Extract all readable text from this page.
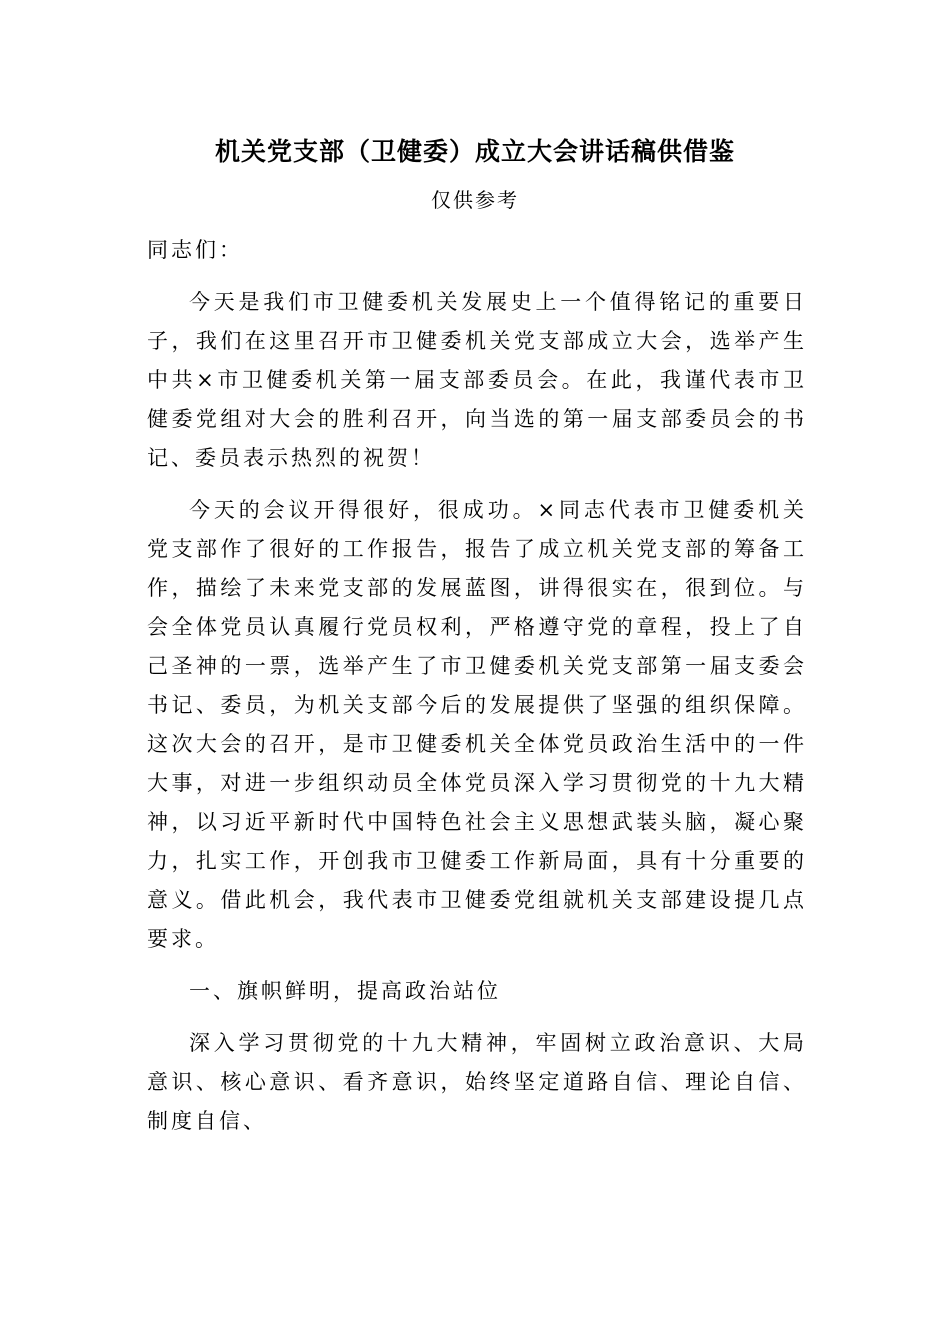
机关党支部（卫健委）成立大会讲话稿供借鉴
仅供参考

同志们：

今天是我们市卫健委机关发展史上一个值得铭记的重要日子，我们在这里召开市卫健委机关党支部成立大会，选举产生中共×市卫健委机关第一届支部委员会。在此，我谨代表市卫健委党组对大会的胜利召开，向当选的第一届支部委员会的书记、委员表示热烈的祝贺！

今天的会议开得很好，很成功。×同志代表市卫健委机关党支部作了很好的工作报告，报告了成立机关党支部的筹备工作，描绘了未来党支部的发展蓝图，讲得很实在，很到位。与会全体党员认真履行党员权利，严格遵守党的章程，投上了自己圣神的一票，选举产生了市卫健委机关党支部第一届支委会书记、委员，为机关支部今后的发展提供了坚强的组织保障。这次大会的召开，是市卫健委机关全体党员政治生活中的一件大事，对进一步组织动员全体党员深入学习贯彻党的十九大精神，以习近平新时代中国特色社会主义思想武装头脑，凝心聚力，扎实工作，开创我市卫健委工作新局面，具有十分重要的意义。借此机会，我代表市卫健委党组就机关支部建设提几点要求。

一、旗帜鲜明，提高政治站位

深入学习贯彻党的十九大精神，牢固树立政治意识、大局意识、核心意识、看齐意识，始终坚定道路自信、理论自信、制度自信、
